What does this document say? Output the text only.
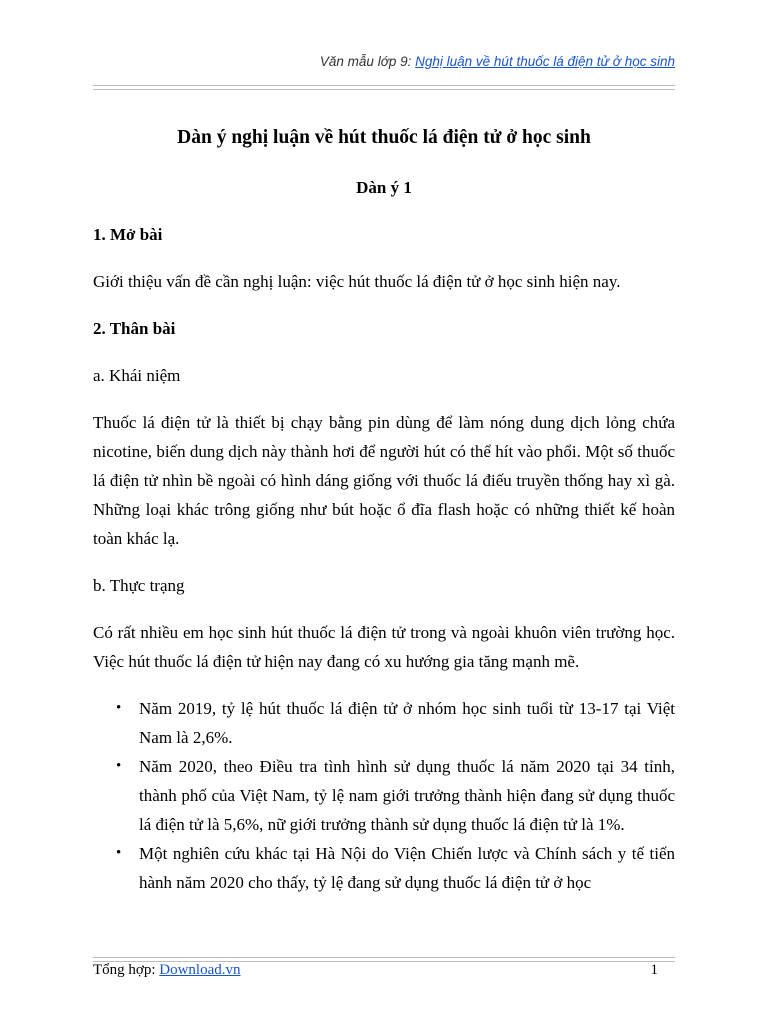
Văn mẫu lớp 9: Nghị luận về hút thuốc lá điện tử ở học sinh
Dàn ý nghị luận về hút thuốc lá điện tử ở học sinh
Dàn ý 1
1. Mở bài
Giới thiệu vấn đề cần nghị luận: việc hút thuốc lá điện tử ở học sinh hiện nay.
2. Thân bài
a. Khái niệm
Thuốc lá điện tử là thiết bị chạy bằng pin dùng để làm nóng dung dịch lỏng chứa nicotine, biến dung dịch này thành hơi để người hút có thể hít vào phổi. Một số thuốc lá điện tử nhìn bề ngoài có hình dáng giống với thuốc lá điếu truyền thống hay xì gà. Những loại khác trông giống như bút hoặc ổ đĩa flash hoặc có những thiết kế hoàn toàn khác lạ.
b. Thực trạng
Có rất nhiều em học sinh hút thuốc lá điện tử trong và ngoài khuôn viên trường học. Việc hút thuốc lá điện tử hiện nay đang có xu hướng gia tăng mạnh mẽ.
• Năm 2019, tỷ lệ hút thuốc lá điện tử ở nhóm học sinh tuổi từ 13-17 tại Việt Nam là 2,6%.
• Năm 2020, theo Điều tra tình hình sử dụng thuốc lá năm 2020 tại 34 tỉnh, thành phố của Việt Nam, tỷ lệ nam giới trưởng thành hiện đang sử dụng thuốc lá điện tử là 5,6%, nữ giới trưởng thành sử dụng thuốc lá điện tử là 1%.
• Một nghiên cứu khác tại Hà Nội do Viện Chiến lược và Chính sách y tế tiến hành năm 2020 cho thấy, tỷ lệ đang sử dụng thuốc lá điện tử ở học
Tổng hợp: Download.vn	1
